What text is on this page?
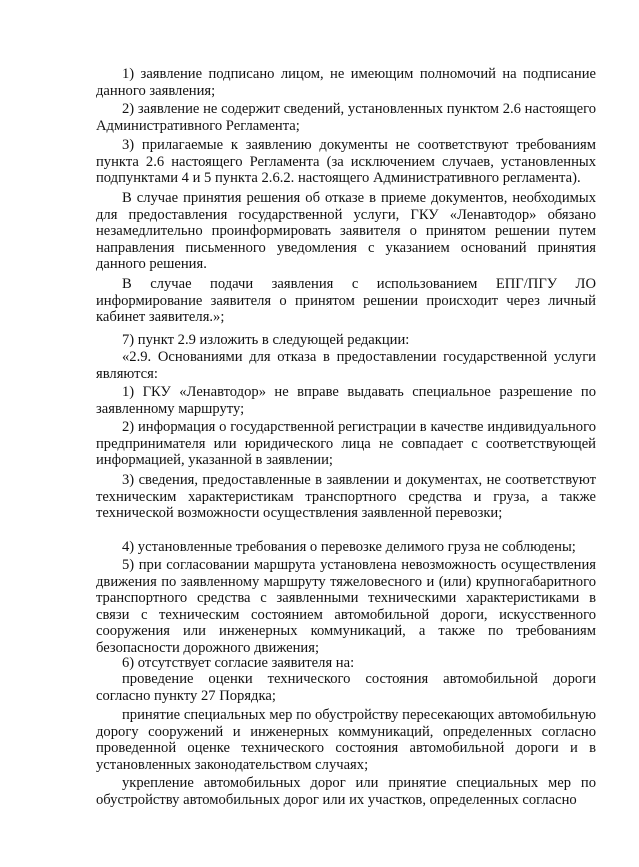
1) заявление подписано лицом, не имеющим полномочий на подписание данного заявления;

2) заявление не содержит сведений, установленных пунктом 2.6 настоящего Административного Регламента;

3) прилагаемые к заявлению документы не соответствуют требованиям пункта 2.6 настоящего Регламента (за исключением случаев, установленных подпунктами 4 и 5 пункта 2.6.2. настоящего Административного регламента).

В случае принятия решения об отказе в приеме документов, необходимых для предоставления государственной услуги, ГКУ «Ленавтодор» обязано незамедлительно проинформировать заявителя о принятом решении путем направления письменного уведомления с указанием оснований принятия данного решения.

В случае подачи заявления с использованием ЕПГ/ПГУ ЛО информирование заявителя о принятом решении происходит через личный кабинет заявителя.»;

7) пункт 2.9 изложить в следующей редакции:

«2.9. Основаниями для отказа в предоставлении государственной услуги являются:

1) ГКУ «Ленавтодор» не вправе выдавать специальное разрешение по заявленному маршруту;

2) информация о государственной регистрации в качестве индивидуального предпринимателя или юридического лица не совпадает с соответствующей информацией, указанной в заявлении;

3) сведения, предоставленные в заявлении и документах, не соответствуют техническим характеристикам транспортного средства и груза, а также технической возможности осуществления заявленной перевозки;

4) установленные требования о перевозке делимого груза не соблюдены;

5) при согласовании маршрута установлена невозможность осуществления движения по заявленному маршруту тяжеловесного и (или) крупногабаритного транспортного средства с заявленными техническими характеристиками в связи с техническим состоянием автомобильной дороги, искусственного сооружения или инженерных коммуникаций, а также по требованиям безопасности дорожного движения;

6) отсутствует согласие заявителя на:

проведение оценки технического состояния автомобильной дороги согласно пункту 27 Порядка;

принятие специальных мер по обустройству пересекающих автомобильную дорогу сооружений и инженерных коммуникаций, определенных согласно проведенной оценке технического состояния автомобильной дороги и в установленных законодательством случаях;

укрепление автомобильных дорог или принятие специальных мер по обустройству автомобильных дорог или их участков, определенных согласно
